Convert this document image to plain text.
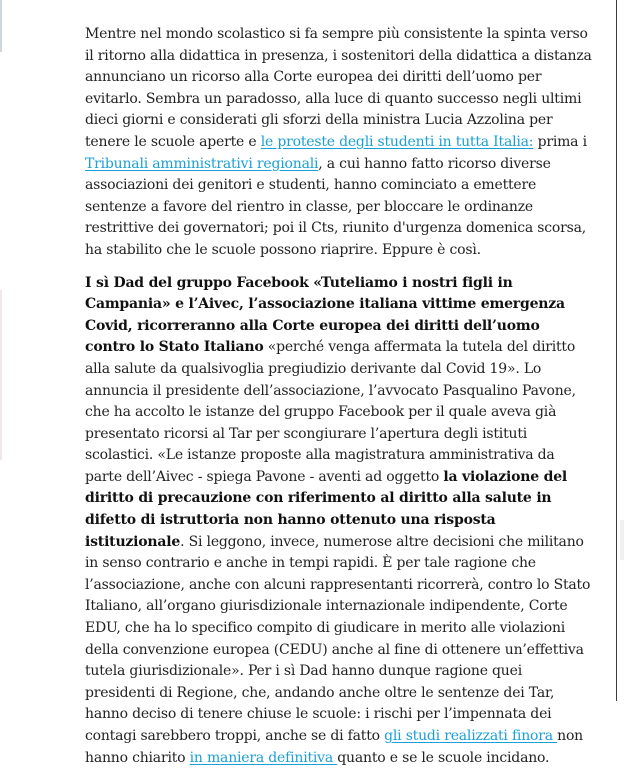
Mentre nel mondo scolastico si fa sempre più consistente la spinta verso il ritorno alla didattica in presenza, i sostenitori della didattica a distanza annunciano un ricorso alla Corte europea dei diritti dell’uomo per evitarlo. Sembra un paradosso, alla luce di quanto successo negli ultimi dieci giorni e considerati gli sforzi della ministra Lucia Azzolina per tenere le scuole aperte e le proteste degli studenti in tutta Italia: prima i Tribunali amministrativi regionali, a cui hanno fatto ricorso diverse associazioni dei genitori e studenti, hanno cominciato a emettere sentenze a favore del rientro in classe, per bloccare le ordinanze restrittive dei governatori; poi il Cts, riunito d'urgenza domenica scorsa, ha stabilito che le scuole possono riaprire. Eppure è così.

I sì Dad del gruppo Facebook «Tuteliamo i nostri figli in Campania» e l’Aivec, l’associazione italiana vittime emergenza Covid, ricorreranno alla Corte europea dei diritti dell’uomo contro lo Stato Italiano «perché venga affermata la tutela del diritto alla salute da qualsivoglia pregiudizio derivante dal Covid 19». Lo annuncia il presidente dell’associazione, l’avvocato Pasqualino Pavone, che ha accolto le istanze del gruppo Facebook per il quale aveva già presentato ricorsi al Tar per scongiurare l’apertura degli istituti scolastici. «Le istanze proposte alla magistratura amministrativa da parte dell’Aivec - spiega Pavone - aventi ad oggetto la violazione del diritto di precauzione con riferimento al diritto alla salute in difetto di istruttoria non hanno ottenuto una risposta istituzionale. Si leggono, invece, numerose altre decisioni che militano in senso contrario e anche in tempi rapidi. È per tale ragione che l’associazione, anche con alcuni rappresentanti ricorrerà, contro lo Stato Italiano, all’organo giurisdizionale internazionale indipendente, Corte EDU, che ha lo specifico compito di giudicare in merito alle violazioni della convenzione europea (CEDU) anche al fine di ottenere un’effettiva tutela giurisdizionale». Per i sì Dad hanno dunque ragione quei presidenti di Regione, che, andando anche oltre le sentenze dei Tar, hanno deciso di tenere chiuse le scuole: i rischi per l’impennata dei contagi sarebbero troppi, anche se di fatto gli studi realizzati finora non hanno chiarito in maniera definitiva quanto e se le scuole incidano.
